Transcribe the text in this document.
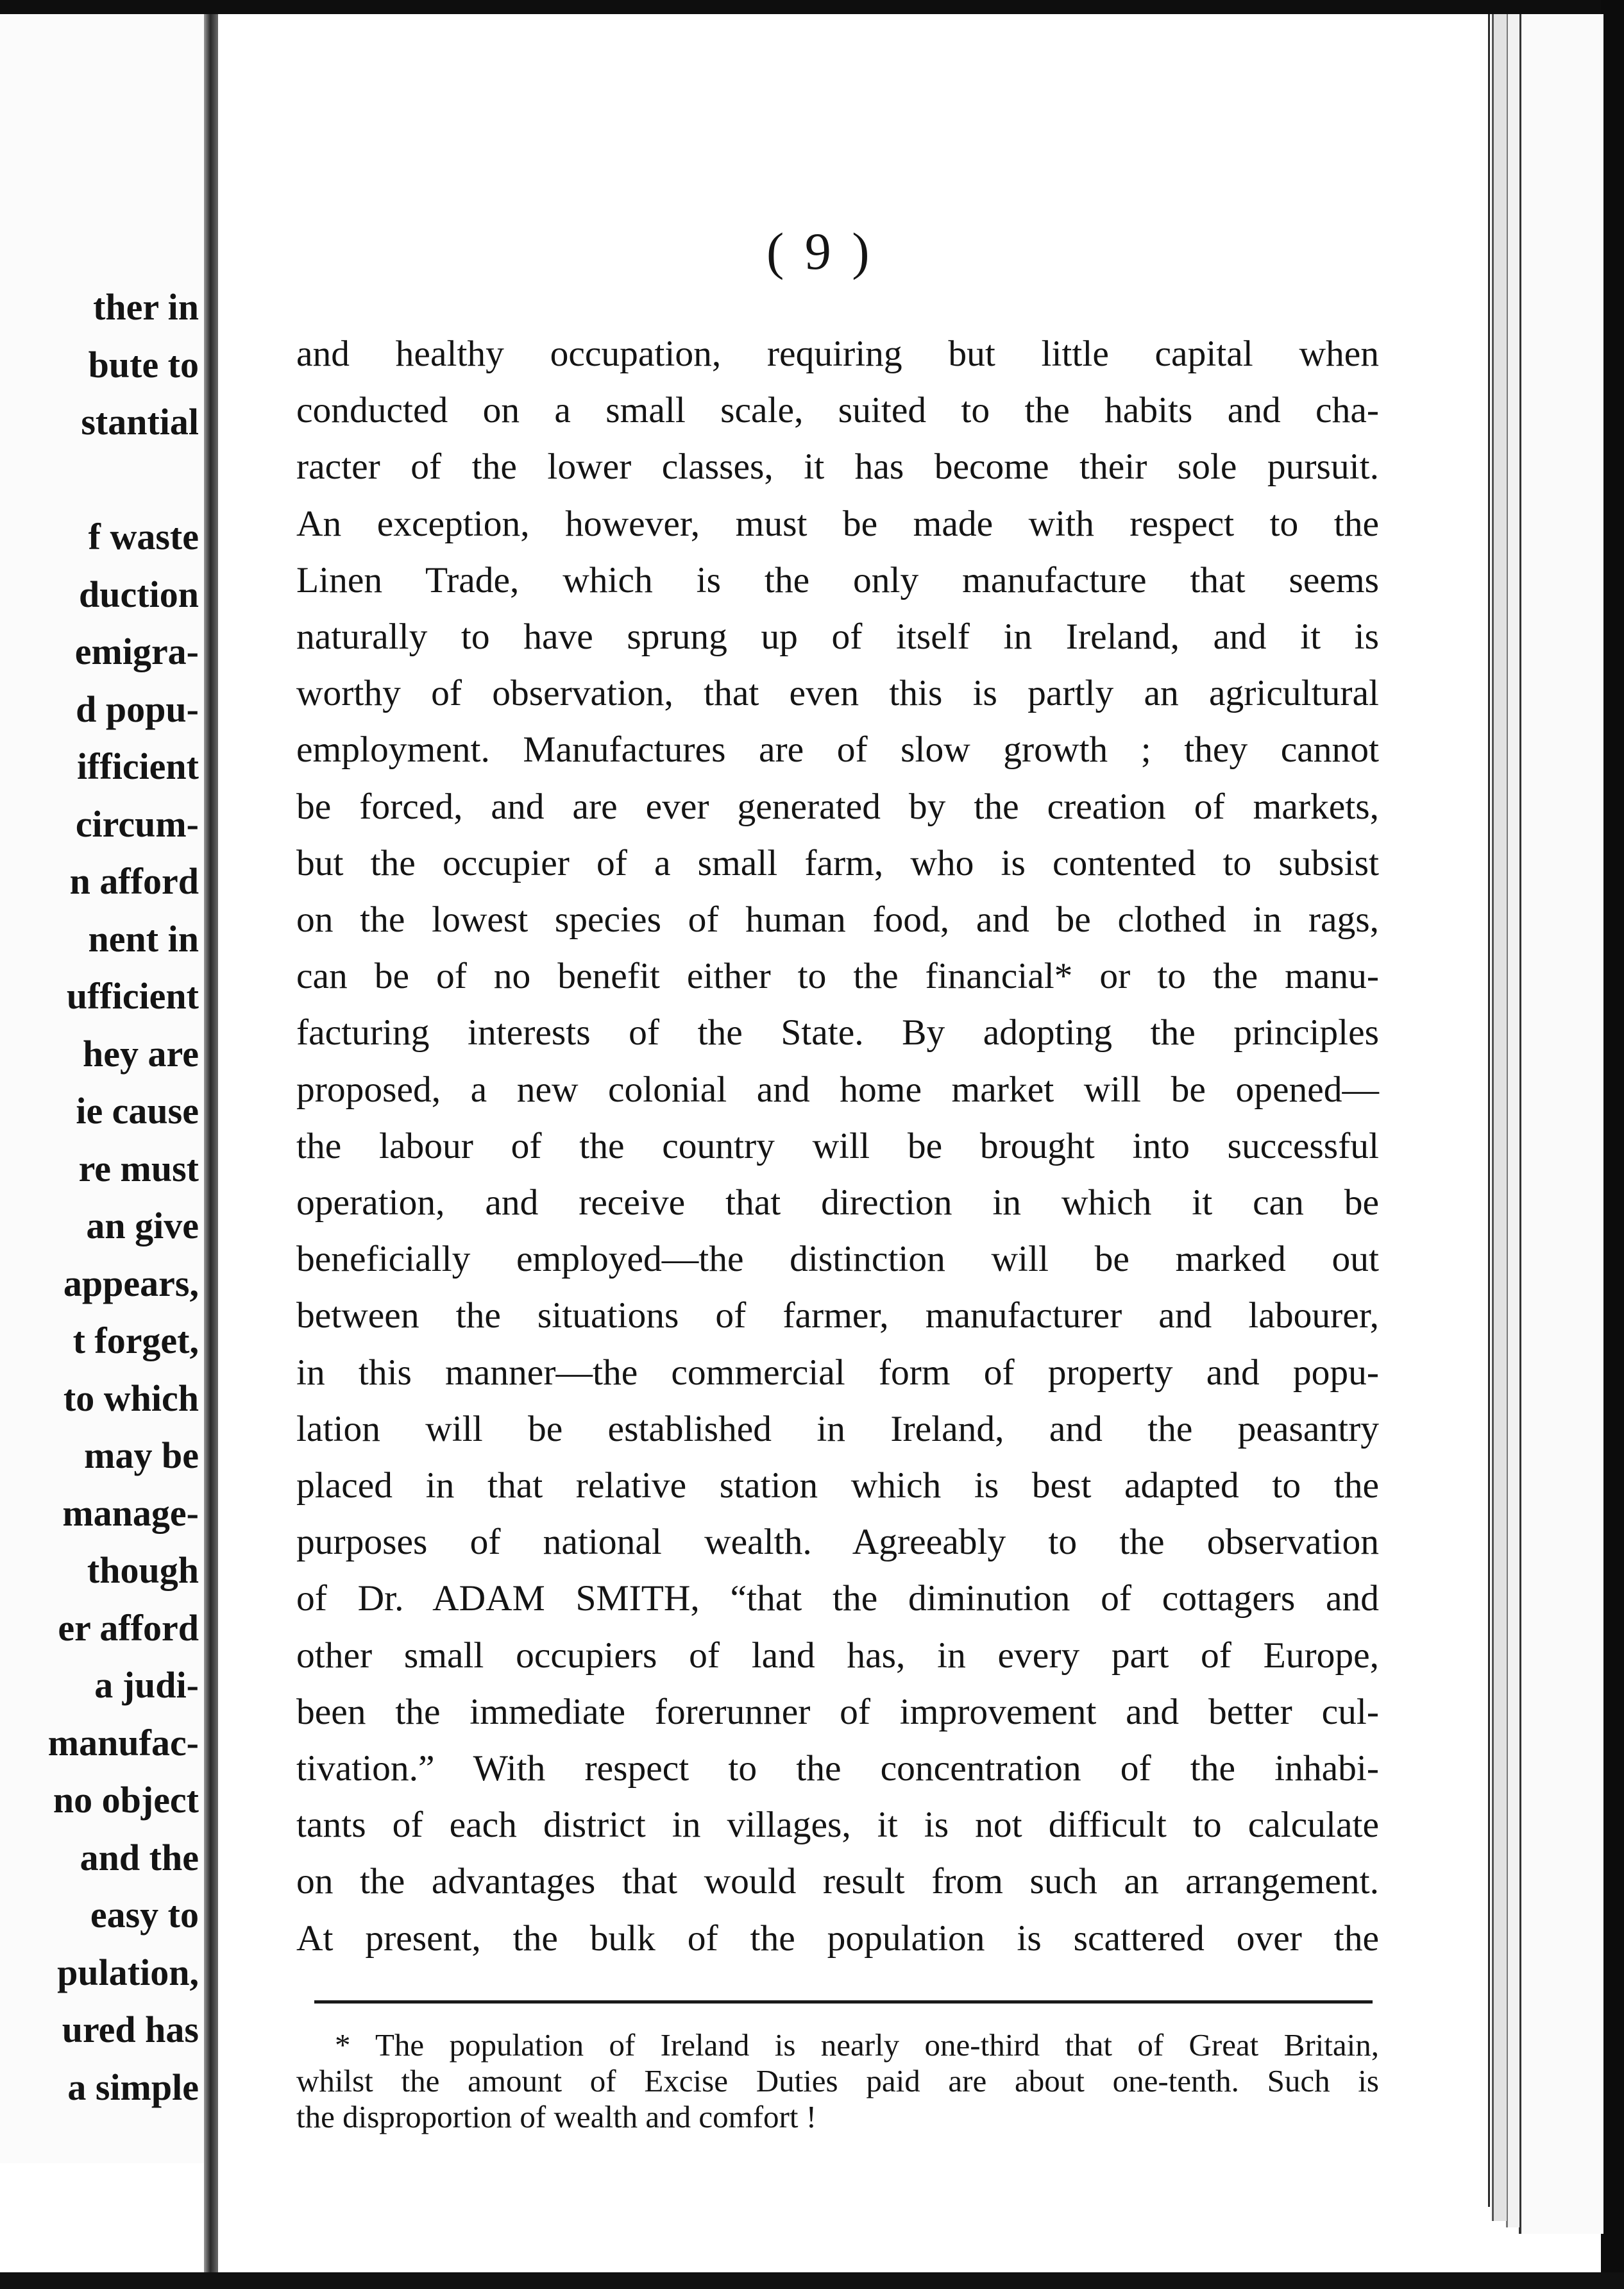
ther in
bute to
stantial

f waste
duction
emigra-
d popu-
ifficient
circum-
n afford
nent in
ufficient
hey are
ie cause
re must
an give
appears,
t forget,
to which
may be
manage-
though
er afford
a judi-
manufac-
no object
and the
easy to
pulation,
ured has
a simple
( 9 )
and healthy occupation, requiring but little capital when
conducted on a small scale, suited to the habits and cha-
racter of the lower classes, it has become their sole pursuit.
An exception, however, must be made with respect to the
Linen Trade, which is the only manufacture that seems
naturally to have sprung up of itself in Ireland, and it is
worthy of observation, that even this is partly an agricultural
employment. Manufactures are of slow growth ; they cannot
be forced, and are ever generated by the creation of markets,
but the occupier of a small farm, who is contented to subsist
on the lowest species of human food, and be clothed in rags,
can be of no benefit either to the financial* or to the manu-
facturing interests of the State. By adopting the principles
proposed, a new colonial and home market will be opened—
the labour of the country will be brought into successful
operation, and receive that direction in which it can be
beneficially employed—the distinction will be marked out
between the situations of farmer, manufacturer and labourer,
in this manner—the commercial form of property and popu-
lation will be established in Ireland, and the peasantry
placed in that relative station which is best adapted to the
purposes of national wealth. Agreeably to the observation
of Dr. ADAM SMITH, “that the diminution of cottagers and
other small occupiers of land has, in every part of Europe,
been the immediate forerunner of improvement and better cul-
tivation.” With respect to the concentration of the inhabi-
tants of each district in villages, it is not difficult to calculate
on the advantages that would result from such an arrangement.
At present, the bulk of the population is scattered over the
* The population of Ireland is nearly one-third that of Great Britain,
whilst the amount of Excise Duties paid are about one-tenth. Such is
the disproportion of wealth and comfort !
